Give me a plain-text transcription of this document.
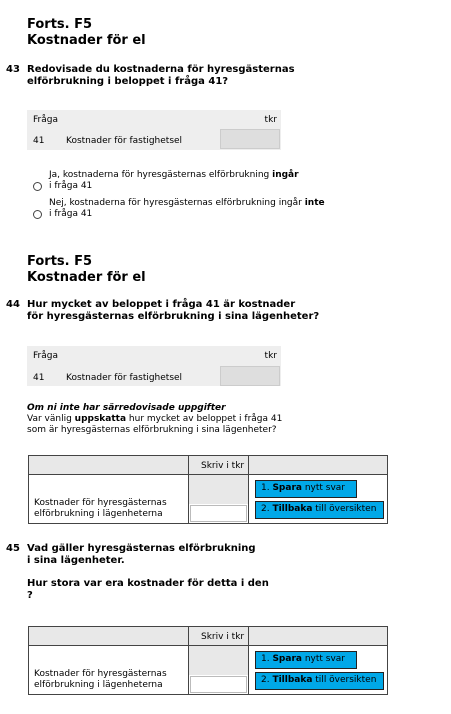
Forts. F5
Kostnader för el
43 Redovisade du kostnaderna för hyresgästernas
elförbrukning i beloppet i fråga 41?
Fråga	tkr
41 Kostnader för fastighetsel
Ja, kostnaderna för hyresgästernas elförbrukning ingår
i fråga 41
Nej, kostnaderna för hyresgästernas elförbrukning ingår inte
i fråga 41
Forts. F5
Kostnader för el
44 Hur mycket av beloppet i fråga 41 är kostnader
för hyresgästernas elförbrukning i sina lägenheter?
Fråga	tkr
41 Kostnader för fastighetsel
Om ni inte har särredovisade uppgifter
Var vänlig uppskatta hur mycket av beloppet i fråga 41
som är hyresgästernas elförbrukning i sina lägenheter?
Skriv i tkr
Kostnader för hyresgästernas
elförbrukning i lägenheterna
1. Spara nytt svar
2. Tillbaka till översikten
45 Vad gäller hyresgästernas elförbrukning
i sina lägenheter.
Hur stora var era kostnader för detta i den
?
Skriv i tkr
Kostnader för hyresgästernas
elförbrukning i lägenheterna
1. Spara nytt svar
2. Tillbaka till översikten
